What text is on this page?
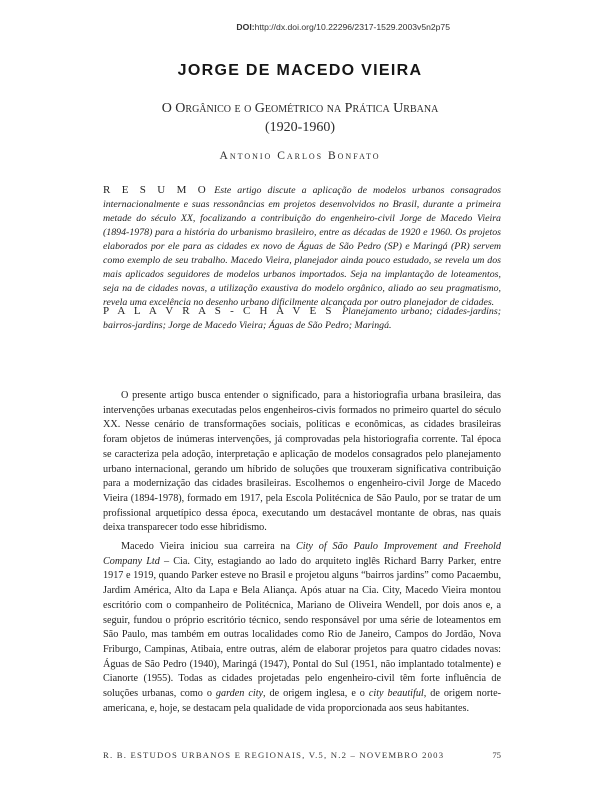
DOI:http://dx.doi.org/10.22296/2317-1529.2003v5n2p75
JORGE DE MACEDO VIEIRA
O Orgânico e o Geométrico na Prática Urbana
(1920-1960)
Antonio Carlos Bonfato
R E S U M O Este artigo discute a aplicação de modelos urbanos consagrados internacionalmente e suas ressonâncias em projetos desenvolvidos no Brasil, durante a primeira metade do século XX, focalizando a contribuição do engenheiro-civil Jorge de Macedo Vieira (1894-1978) para a história do urbanismo brasileiro, entre as décadas de 1920 e 1960. Os projetos elaborados por ele para as cidades ex novo de Águas de São Pedro (SP) e Maringá (PR) servem como exemplo de seu trabalho. Macedo Vieira, planejador ainda pouco estudado, se revela um dos mais aplicados seguidores de modelos urbanos importados. Seja na implantação de loteamentos, seja na de cidades novas, a utilização exaustiva do modelo orgânico, aliado ao seu pragmatismo, revela uma excelência no desenho urbano dificilmente alcançada por outro planejador de cidades.
P A L A V R A S - C H A V E S Planejamento urbano; cidades-jardins; bairros-jardins; Jorge de Macedo Vieira; Águas de São Pedro; Maringá.

O presente artigo busca entender o significado, para a historiografia urbana brasileira, das intervenções urbanas executadas pelos engenheiros-civis formados no primeiro quartel do século XX. Nesse cenário de transformações sociais, políticas e econômicas, as cidades brasileiras foram objetos de inúmeras intervenções, já comprovadas pela historiografia corrente. Tal época se caracteriza pela adoção, interpretação e aplicação de modelos consagrados pelo planejamento urbano internacional, gerando um híbrido de soluções que trouxeram significativa contribuição para a modernização das cidades brasileiras. Escolhemos o engenheiro-civil Jorge de Macedo Vieira (1894-1978), formado em 1917, pela Escola Politécnica de São Paulo, por se tratar de um profissional arquetípico dessa época, executando um destacável montante de obras, nas quais deixa transparecer todo esse hibridismo.

Macedo Vieira iniciou sua carreira na City of São Paulo Improvement and Freehold Company Ltd – Cia. City, estagiando ao lado do arquiteto inglês Richard Barry Parker, entre 1917 e 1919, quando Parker esteve no Brasil e projetou alguns “bairros jardins” como Pacaembu, Jardim América, Alto da Lapa e Bela Aliança. Após atuar na Cia. City, Macedo Vieira montou escritório com o companheiro de Politécnica, Mariano de Oliveira Wendell, por dois anos e, a seguir, fundou o próprio escritório técnico, sendo responsável por uma série de loteamentos em São Paulo, mas também em outras localidades como Rio de Janeiro, Campos do Jordão, Nova Friburgo, Campinas, Atibaia, entre outras, além de elaborar projetos para quatro cidades novas: Águas de São Pedro (1940), Maringá (1947), Pontal do Sul (1951, não implantado totalmente) e Cianorte (1955). Todas as cidades projetadas pelo engenheiro-civil têm forte influência de soluções urbanas, como o garden city, de origem inglesa, e o city beautiful, de origem norte-americana, e, hoje, se destacam pela qualidade de vida proporcionada aos seus habitantes.

R. B. ESTUDOS URBANOS E REGIONAIS, V.5, N.2 – NOVEMBRO 2003	75
